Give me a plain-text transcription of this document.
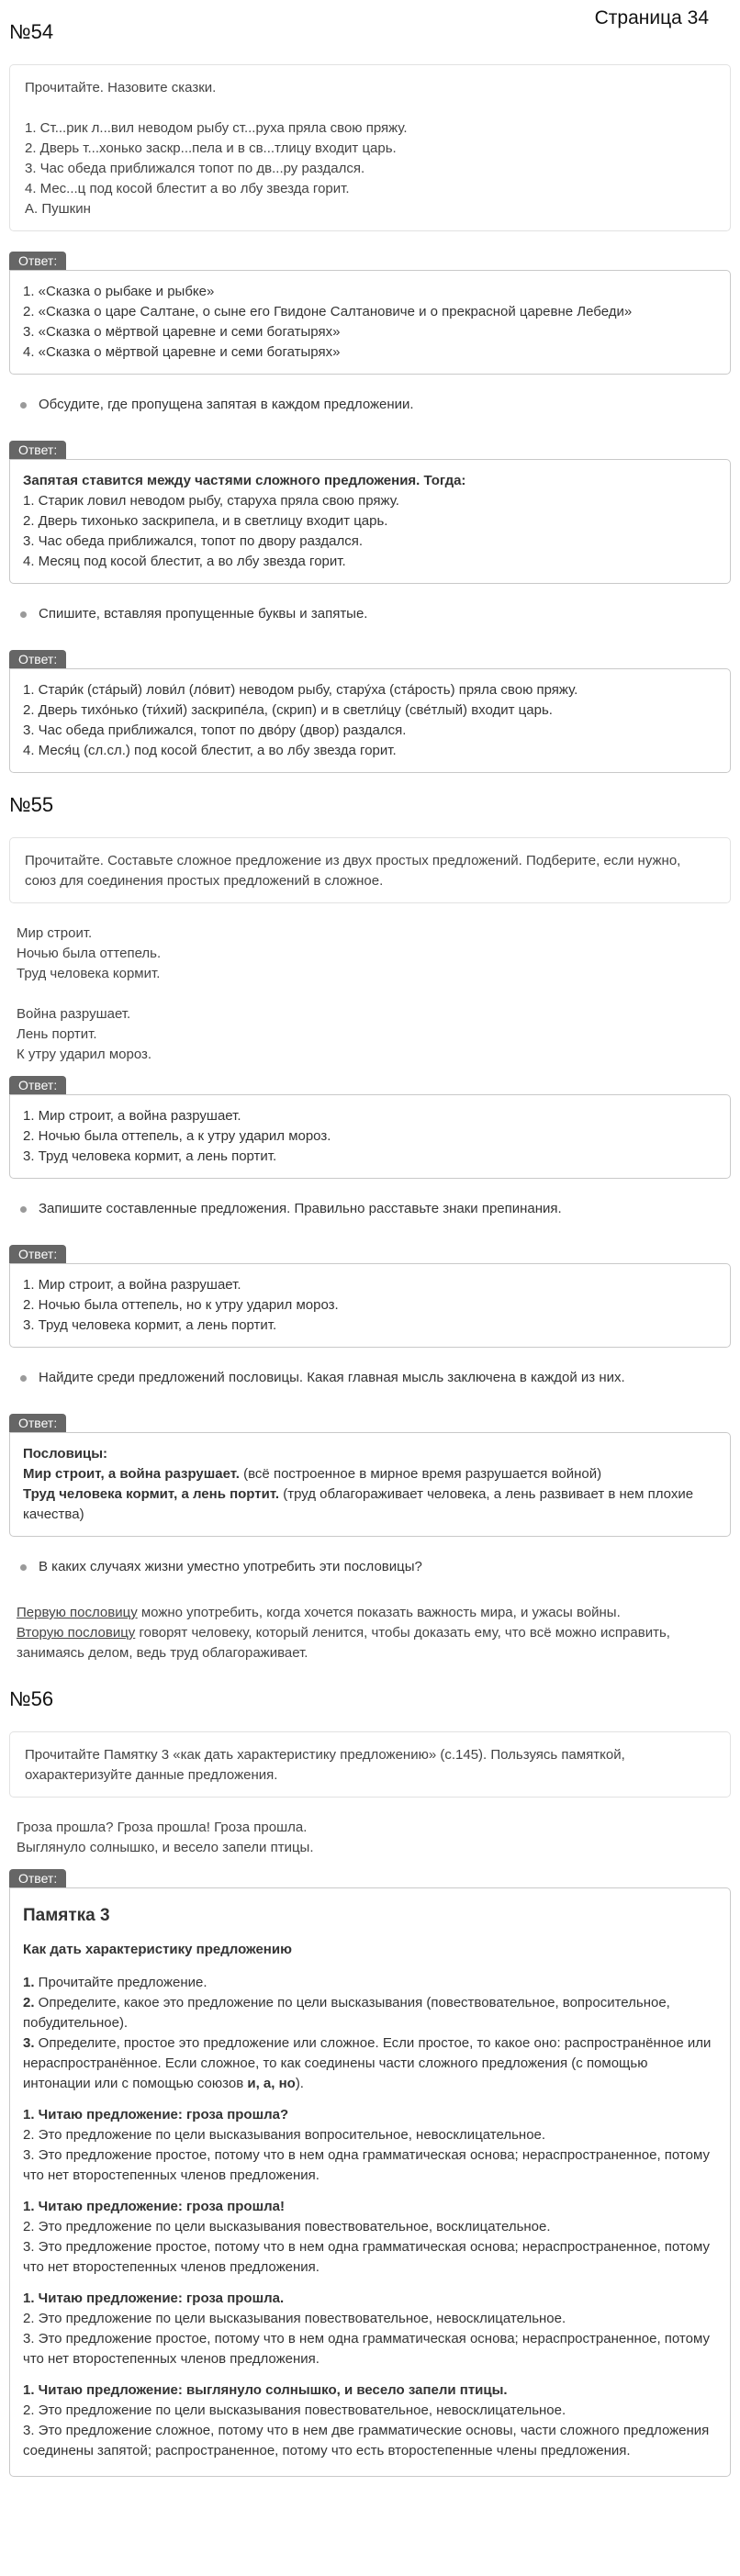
Страница 34
№54
Прочитайте. Назовите сказки.
1. Ст...рик л...вил неводом рыбу ст...руха пряла свою пряжу.
2. Дверь т...хонько заскр...пела и в св...тлицу входит царь.
3. Час обеда приближался топот по дв...ру раздался.
4. Мес...ц под косой блестит а во лбу звезда горит.
А. Пушкин
Ответ:
1. «Сказка о рыбаке и рыбке»
2. «Сказка о царе Салтане, о сыне его Гвидоне Салтановиче и о прекрасной царевне Лебеди»
3. «Сказка о мёртвой царевне и семи богатырях»
4. «Сказка о мёртвой царевне и семи богатырях»
Обсудите, где пропущена запятая в каждом предложении.
Ответ:
Запятая ставится между частями сложного предложения. Тогда:
1. Старик ловил неводом рыбу, старуха пряла свою пряжу.
2. Дверь тихонько заскрипела, и в светлицу входит царь.
3. Час обеда приближался, топот по двору раздался.
4. Месяц под косой блестит, а во лбу звезда горит.
Спишите, вставляя пропущенные буквы и запятые.
Ответ:
1. Стари́к (ста́рый) лови́л (ло́вит) неводом рыбу, стару́ха (ста́рость) пряла свою пряжу.
2. Дверь тихо́нько (ти́хий) заскрипе́ла, (скрип) и в светли́цу (све́тлый) входит царь.
3. Час обеда приближался, топот по дво́ру (двор) раздался.
4. Меся́ц (сл.сл.) под косой блестит, а во лбу звезда горит.
№55
Прочитайте. Составьте сложное предложение из двух простых предложений. Подберите, если нужно, союз для соединения простых предложений в сложное.
Мир строит.
Ночью была оттепель.
Труд человека кормит.
Война разрушает.
Лень портит.
К утру ударил мороз.
Ответ:
1. Мир строит, а война разрушает.
2. Ночью была оттепель, а к утру ударил мороз.
3. Труд человека кормит, а лень портит.
Запишите составленные предложения. Правильно расставьте знаки препинания.
Ответ:
1. Мир строит, а война разрушает.
2. Ночью была оттепель, но к утру ударил мороз.
3. Труд человека кормит, а лень портит.
Найдите среди предложений пословицы. Какая главная мысль заключена в каждой из них.
Ответ:
Пословицы:
Мир строит, а война разрушает. (всё построенное в мирное время разрушается войной)
Труд человека кормит, а лень портит. (труд облагораживает человека, а лень развивает в нем плохие качества)
В каких случаях жизни уместно употребить эти пословицы?
Первую пословицу можно употребить, когда хочется показать важность мира, и ужасы войны.
Вторую пословицу говорят человеку, который ленится, чтобы доказать ему, что всё можно исправить, занимаясь делом, ведь труд облагораживает.
№56
Прочитайте Памятку 3 «как дать характеристику предложению» (с.145). Пользуясь памяткой, охарактеризуйте данные предложения.
Гроза прошла? Гроза прошла! Гроза прошла.
Выглянуло солнышко, и весело запели птицы.
Ответ:
Памятка 3
Как дать характеристику предложению
1. Прочитайте предложение.
2. Определите, какое это предложение по цели высказывания (повествовательное, вопросительное, побудительное).
3. Определите, простое это предложение или сложное. Если простое, то какое оно: распространённое или нераспространённое. Если сложное, то как соединены части сложного предложения (с помощью интонации или с помощью союзов и, а, но).
1. Читаю предложение: гроза прошла?
2. Это предложение по цели высказывания вопросительное, невосклицательное.
3. Это предложение простое, потому что в нем одна грамматическая основа; нераспространенное, потому что нет второстепенных членов предложения.
1. Читаю предложение: гроза прошла!
2. Это предложение по цели высказывания повествовательное, восклицательное.
3. Это предложение простое, потому что в нем одна грамматическая основа; нераспространенное, потому что нет второстепенных членов предложения.
1. Читаю предложение: гроза прошла.
2. Это предложение по цели высказывания повествовательное, невосклицательное.
3. Это предложение простое, потому что в нем одна грамматическая основа; нераспространенное, потому что нет второстепенных членов предложения.
1. Читаю предложение: выглянуло солнышко, и весело запели птицы.
2. Это предложение по цели высказывания повествовательное, невосклицательное.
3. Это предложение сложное, потому что в нем две грамматические основы, части сложного предложения соединены запятой; распространенное, потому что есть второстепенные члены предложения.
